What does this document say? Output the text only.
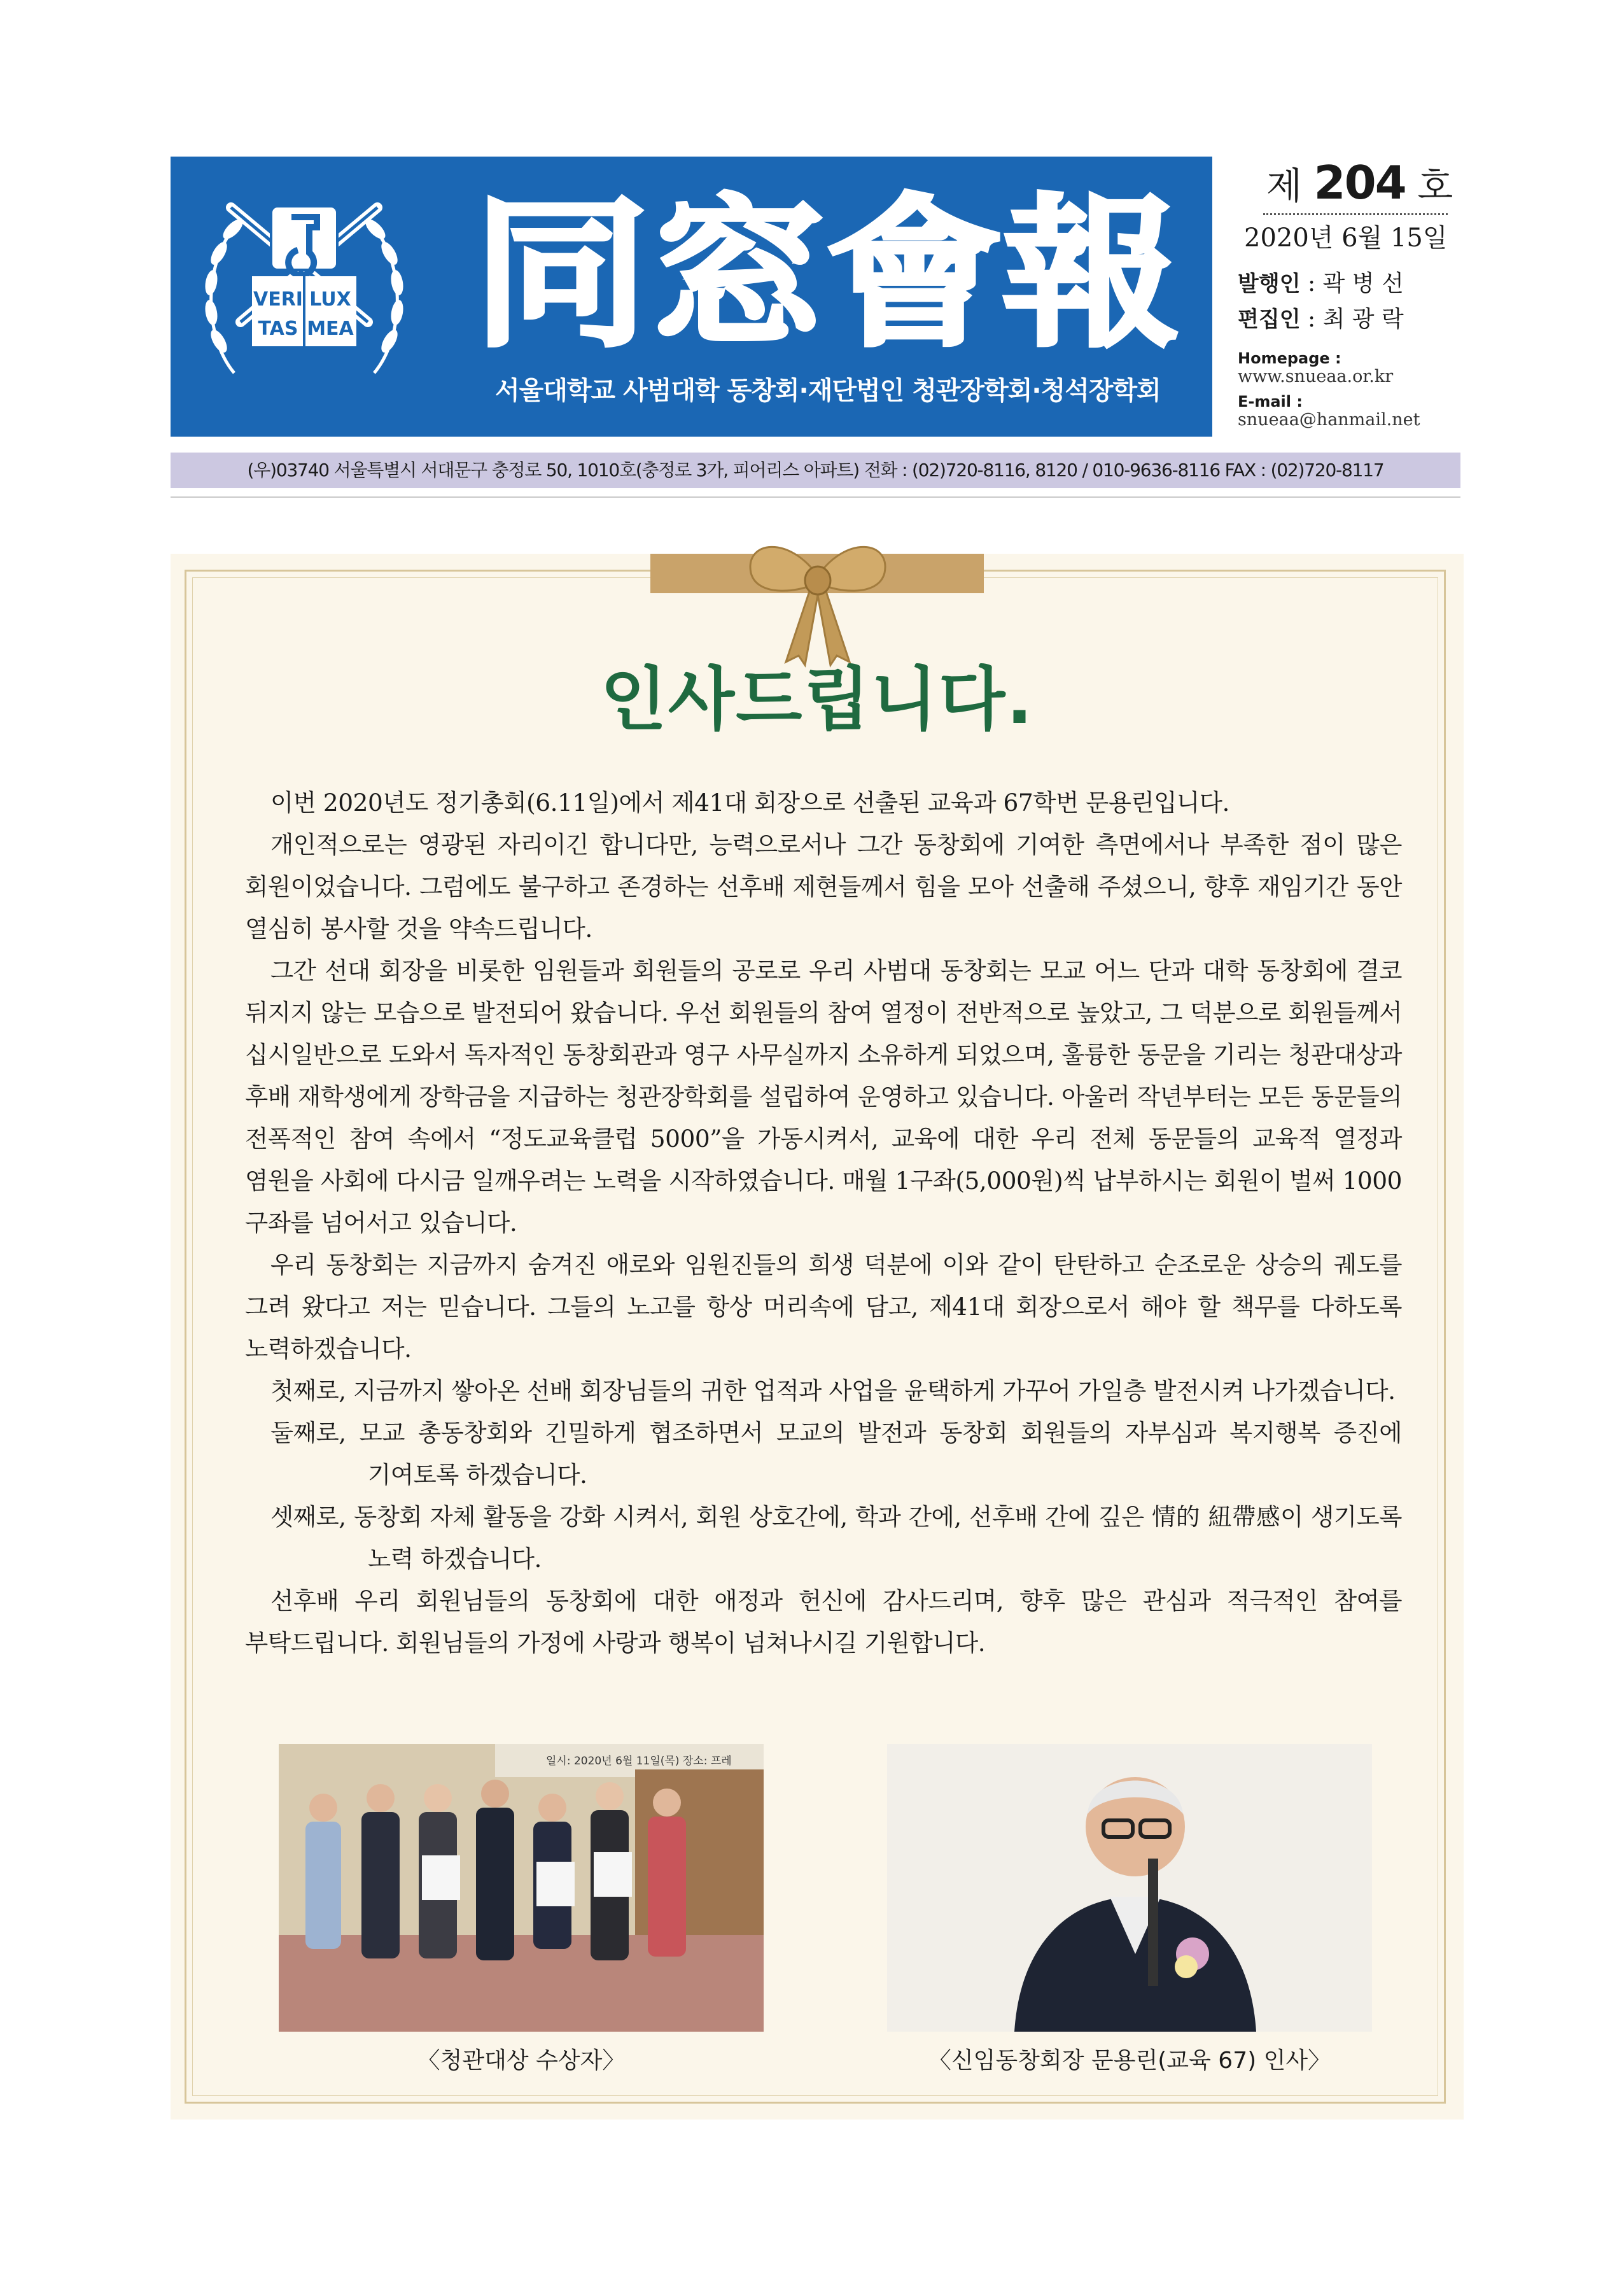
VERI LUX
TAS MEA 同窓會報
서울대학교 사범대학 동창회·재단법인 청관장학회·청석장학회
제 204 호
2020년 6월 15일
발행인 : 곽 병 선
편집인 : 최 광 락
Homepage :
www.snueaa.or.kr
E-mail :
snueaa@hanmail.net
(우)03740 서울특별시 서대문구 충정로 50, 1010호(충정로 3가, 피어리스 아파트) 전화 : (02)720-8116, 8120 / 010-9636-8116 FAX : (02)720-8117
인사드립니다.

이번 2020년도 정기총회(6.11일)에서 제41대 회장으로 선출된 교육과 67학번 문용린입니다.

개인적으로는 영광된 자리이긴 합니다만, 능력으로서나 그간 동창회에 기여한 측면에서나 부족한 점이 많은 회원이었습니다. 그럼에도 불구하고 존경하는 선후배 제현들께서 힘을 모아 선출해 주셨으니, 향후 재임기간 동안 열심히 봉사할 것을 약속드립니다.

그간 선대 회장을 비롯한 임원들과 회원들의 공로로 우리 사범대 동창회는 모교 어느 단과 대학 동창회에 결코 뒤지지 않는 모습으로 발전되어 왔습니다. 우선 회원들의 참여 열정이 전반적으로 높았고, 그 덕분으로 회원들께서 십시일반으로 도와서 독자적인 동창회관과 영구 사무실까지 소유하게 되었으며, 훌륭한 동문을 기리는 청관대상과 후배 재학생에게 장학금을 지급하는 청관장학회를 설립하여 운영하고 있습니다. 아울러 작년부터는 모든 동문들의 전폭적인 참여 속에서 “정도교육클럽 5000”을 가동시켜서, 교육에 대한 우리 전체 동문들의 교육적 열정과 염원을 사회에 다시금 일깨우려는 노력을 시작하였습니다. 매월 1구좌(5,000원)씩 납부하시는 회원이 벌써 1000 구좌를 넘어서고 있습니다.

우리 동창회는 지금까지 숨겨진 애로와 임원진들의 희생 덕분에 이와 같이 탄탄하고 순조로운 상승의 궤도를 그려 왔다고 저는 믿습니다. 그들의 노고를 항상 머리속에 담고, 제41대 회장으로서 해야 할 책무를 다하도록 노력하겠습니다.

첫째로, 지금까지 쌓아온 선배 회장님들의 귀한 업적과 사업을 윤택하게 가꾸어 가일층 발전시켜 나가겠습니다.

둘째로, 모교 총동창회와 긴밀하게 협조하면서 모교의 발전과 동창회 회원들의 자부심과 복지행복 증진에 기여토록 하겠습니다.

셋째로, 동창회 자체 활동을 강화 시켜서, 회원 상호간에, 학과 간에, 선후배 간에 깊은 情的 紐帶感이 생기도록 노력 하겠습니다.

선후배 우리 회원님들의 동창회에 대한 애정과 헌신에 감사드리며, 향후 많은 관심과 적극적인 참여를 부탁드립니다. 회원님들의 가정에 사랑과 행복이 넘쳐나시길 기원합니다.

일시: 2020년 6월 11일(목) 장소: 프레
〈청관대상 수상자〉	〈신임동창회장 문용린(교육 67) 인사〉
